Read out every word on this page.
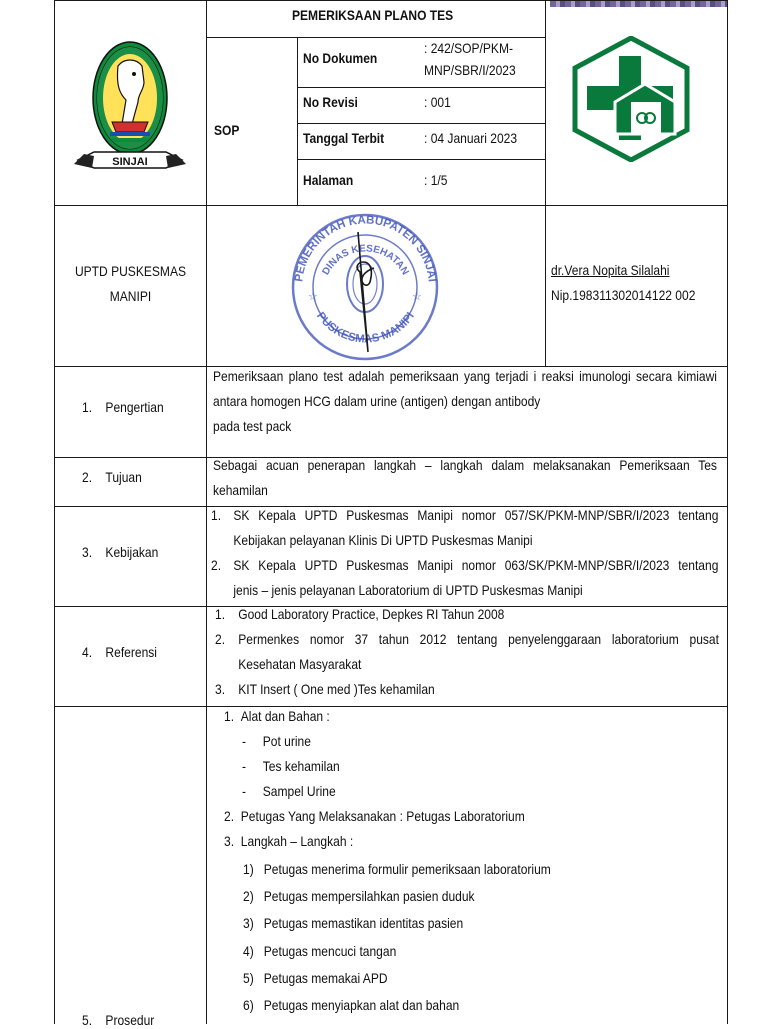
SINJAI
PEMERIKSAAN PLANO TES
SOP
No Dokumen
: 242/SOP/PKM-
MNP/SBR/I/2023
No Revisi	: 001
Tanggal Terbit	: 04 Januari 2023
Halaman	: 1/5
UPTD PUSKESMAS
MANIPI
PEMERINTAH KABUPATEN SINJAI
DINAS KESEHATAN
PUSKESMAS MANIPI
☆	☆
dr.Vera Nopita Silalahi
Nip.198311302014122 002
1. Pengertian
Pemeriksaan plano test adalah pemeriksaan yang terjadi i reaksi imunologi secara kimiawi
antara homogen HCG dalam urine (antigen) dengan antibody
pada test pack
2. Tujuan
Sebagai acuan penerapan langkah – langkah dalam melaksanakan Pemeriksaan Tes
kehamilan
3. Kebijakan
1. SK Kepala UPTD Puskesmas Manipi nomor 057/SK/PKM-MNP/SBR/I/2023 tentang
Kebijakan pelayanan Klinis Di UPTD Puskesmas Manipi
2. SK Kepala UPTD Puskesmas Manipi nomor 063/SK/PKM-MNP/SBR/I/2023 tentang
jenis – jenis pelayanan Laboratorium di UPTD Puskesmas Manipi
4. Referensi
1. Good Laboratory Practice, Depkes RI Tahun 2008
2. Permenkes nomor 37 tahun 2012 tentang penyelenggaraan laboratorium pusat
Kesehatan Masyarakat
3. KIT Insert ( One med )Tes kehamilan
5. Prosedur
1. Alat dan Bahan :
- Pot urine
- Tes kehamilan
- Sampel Urine
2. Petugas Yang Melaksanakan : Petugas Laboratorium
3. Langkah – Langkah :
1) Petugas menerima formulir pemeriksaan laboratorium
2) Petugas mempersilahkan pasien duduk
3) Petugas memastikan identitas pasien
4) Petugas mencuci tangan
5) Petugas memakai APD
6) Petugas menyiapkan alat dan bahan
